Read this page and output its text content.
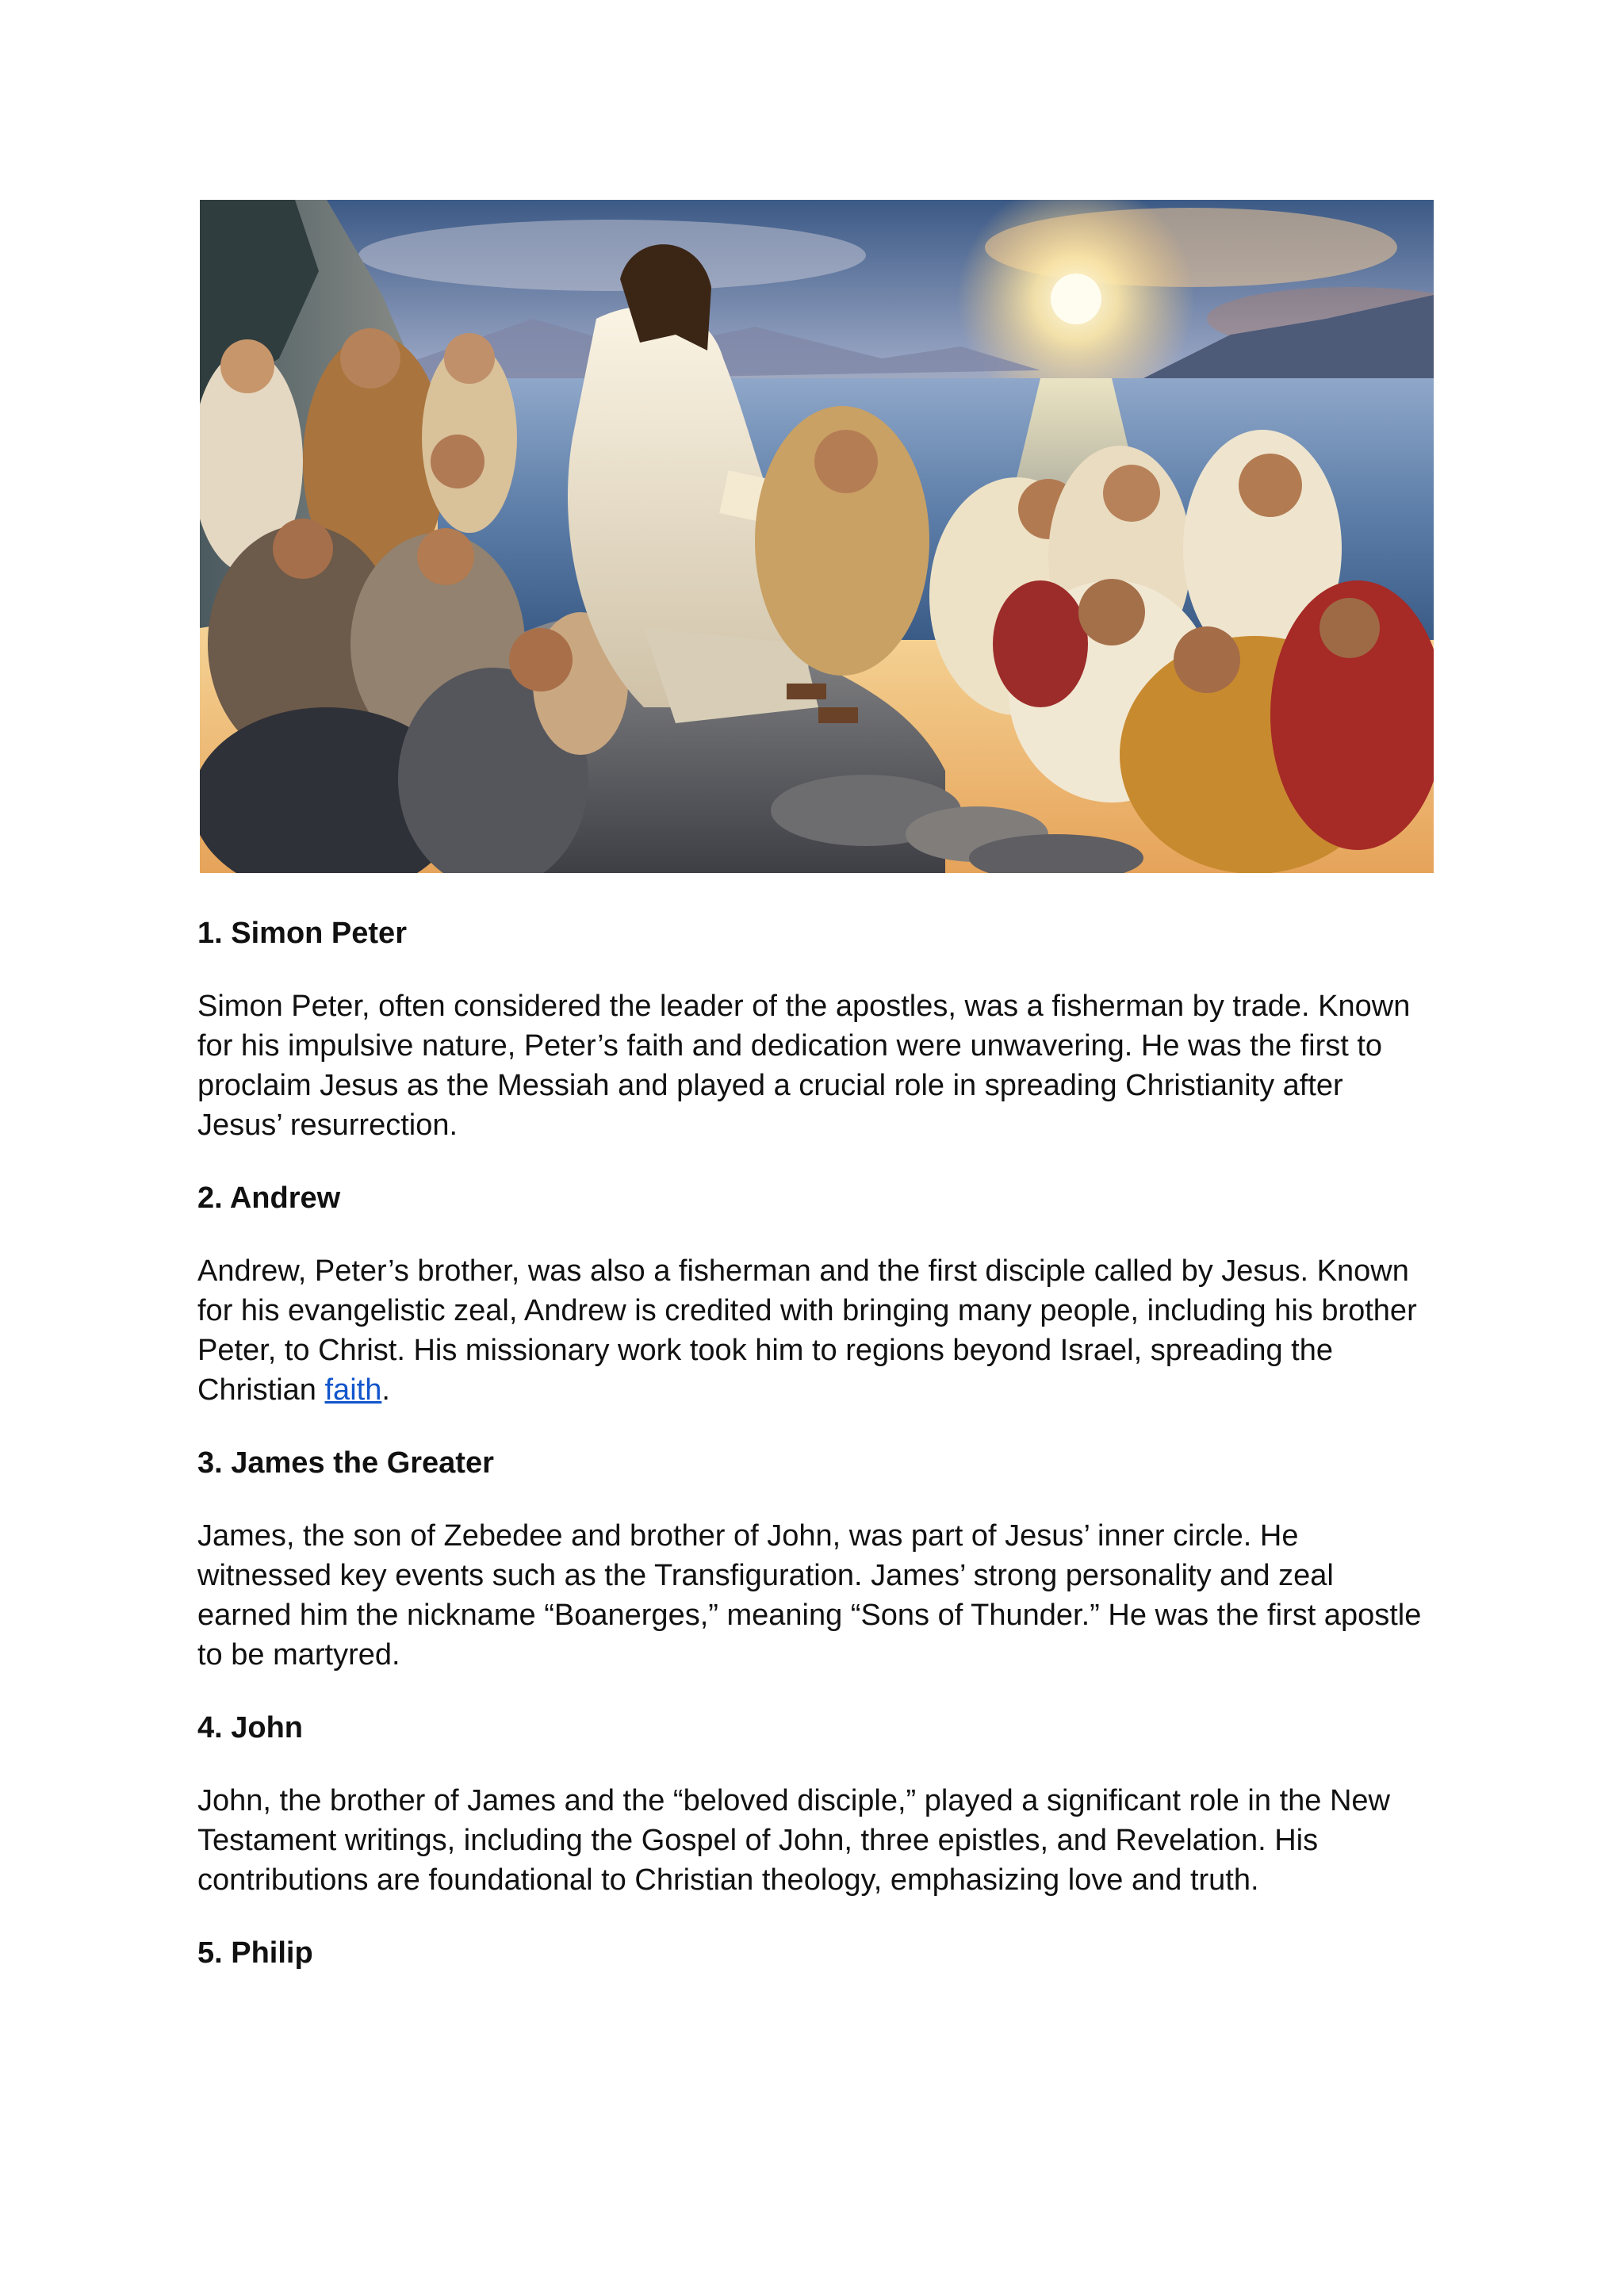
1. Simon Peter
Simon Peter, often considered the leader of the apostles, was a fisherman by trade. Known for his impulsive nature, Peter’s faith and dedication were unwavering. He was the first to proclaim Jesus as the Messiah and played a crucial role in spreading Christianity after Jesus’ resurrection.
2. Andrew
Andrew, Peter’s brother, was also a fisherman and the first disciple called by Jesus. Known for his evangelistic zeal, Andrew is credited with bringing many people, including his brother Peter, to Christ. His missionary work took him to regions beyond Israel, spreading the Christian faith.
3. James the Greater
James, the son of Zebedee and brother of John, was part of Jesus’ inner circle. He witnessed key events such as the Transfiguration. James’ strong personality and zeal earned him the nickname “Boanerges,” meaning “Sons of Thunder.” He was the first apostle to be martyred.
4. John
John, the brother of James and the “beloved disciple,” played a significant role in the New Testament writings, including the Gospel of John, three epistles, and Revelation. His contributions are foundational to Christian theology, emphasizing love and truth.
5. Philip
